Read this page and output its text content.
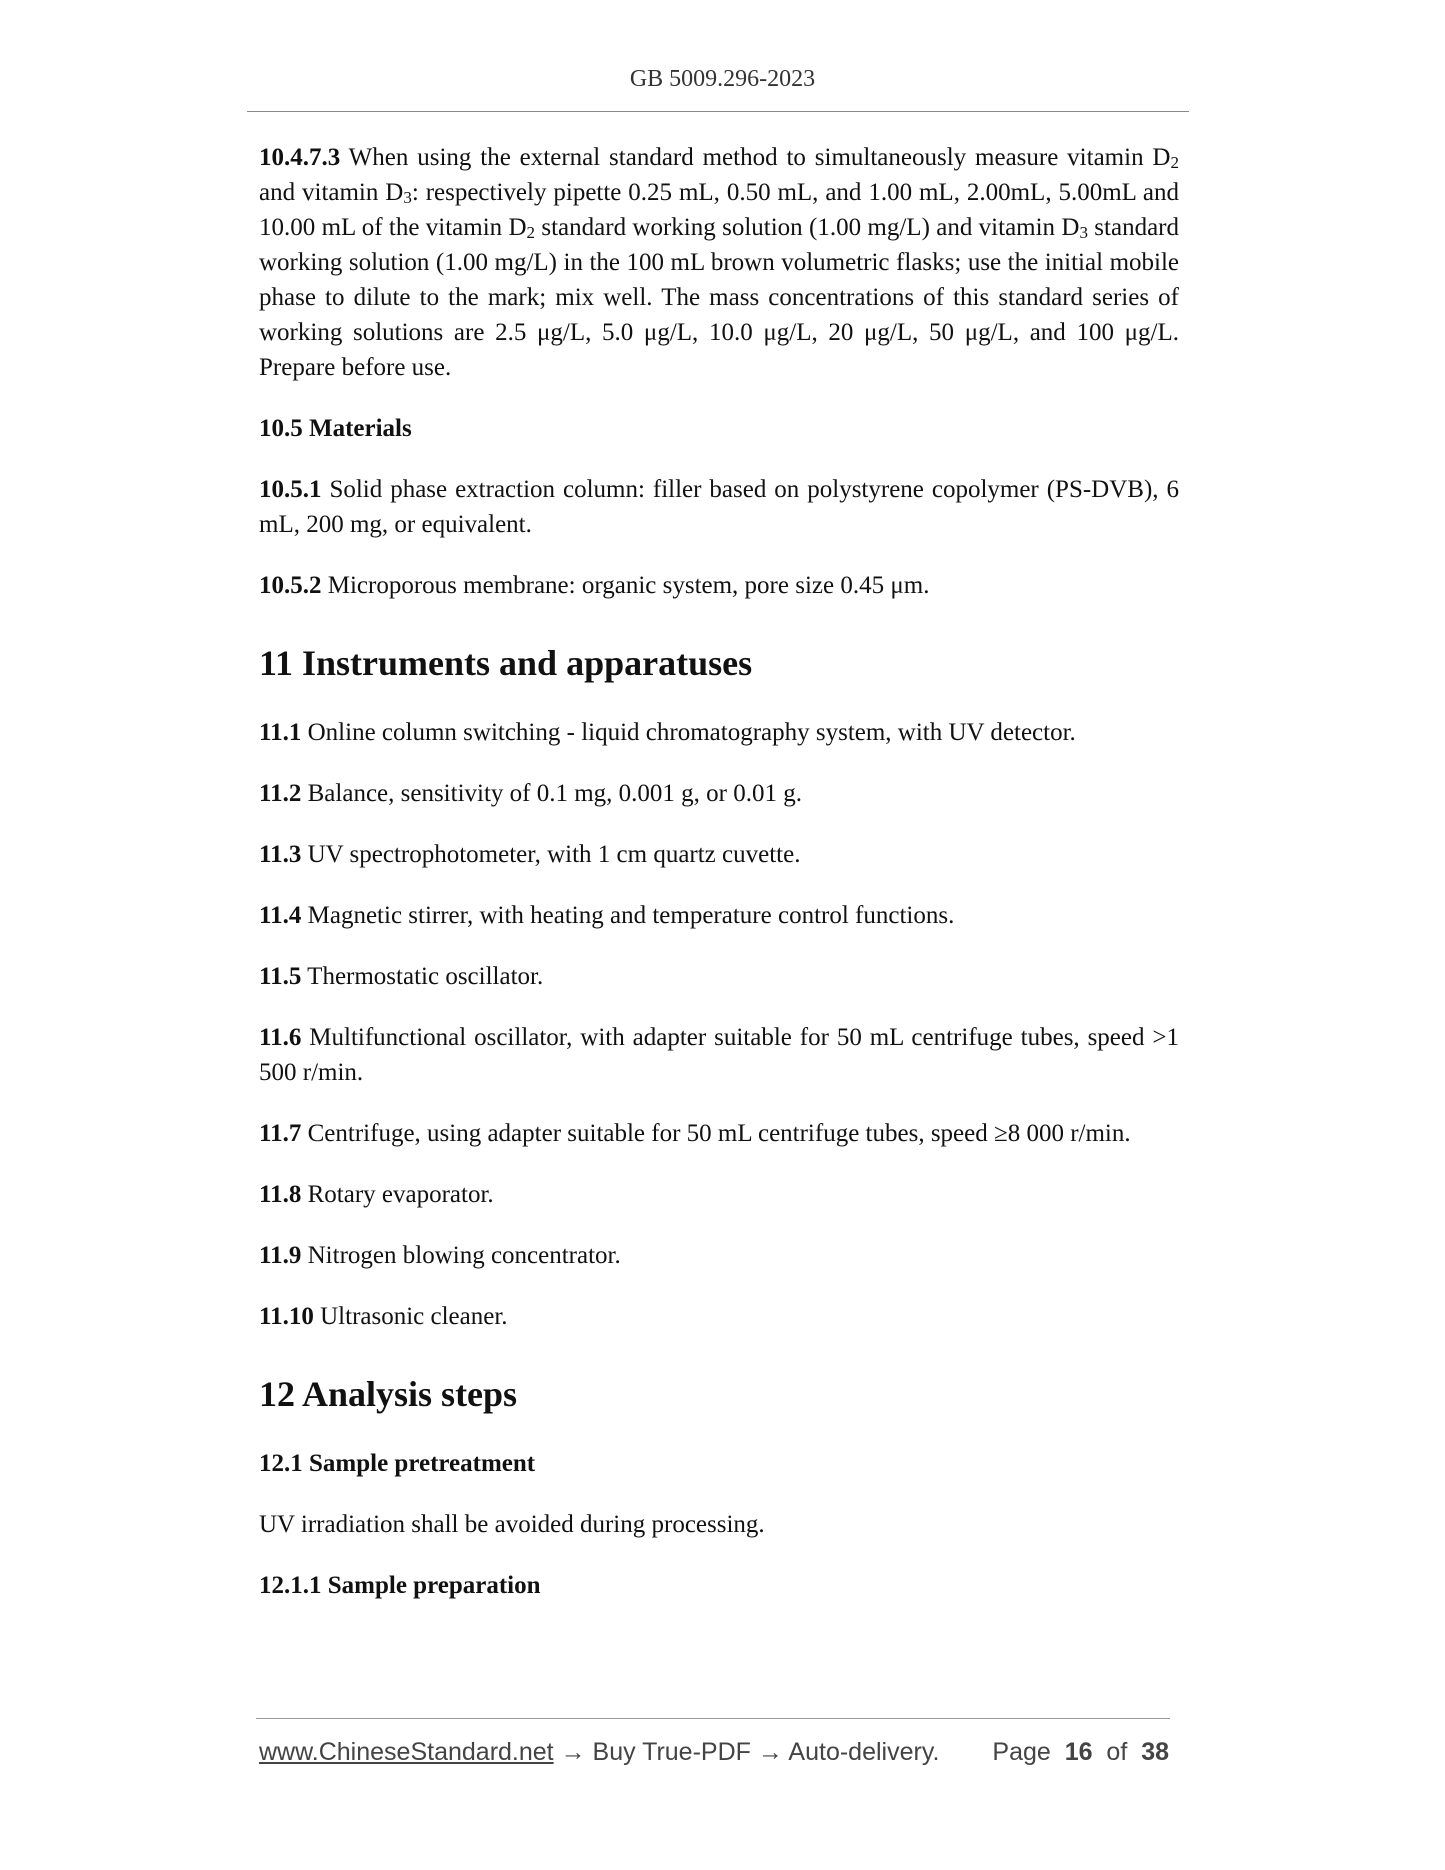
GB 5009.296-2023

10.4.7.3 When using the external standard method to simultaneously measure vitamin $D_2$ and vitamin $D_3$: respectively pipette 0.25 mL, 0.50 mL, and 1.00 mL, 2.00mL, 5.00mL and 10.00 mL of the vitamin $D_2$ standard working solution (1.00 mg/L) and vitamin $D_3$ standard working solution (1.00 mg/L) in the 100 mL brown volumetric flasks; use the initial mobile phase to dilute to the mark; mix well. The mass concentrations of this standard series of working solutions are 2.5 μg/L, 5.0 μg/L, 10.0 μg/L, 20 μg/L, 50 μg/L, and 100 μg/L. Prepare before use.

10.5 Materials

10.5.1 Solid phase extraction column: filler based on polystyrene copolymer (PS-DVB), 6 mL, 200 mg, or equivalent.

10.5.2 Microporous membrane: organic system, pore size 0.45 μm.

11 Instruments and apparatuses

11.1 Online column switching - liquid chromatography system, with UV detector.

11.2 Balance, sensitivity of 0.1 mg, 0.001 g, or 0.01 g.

11.3 UV spectrophotometer, with 1 cm quartz cuvette.

11.4 Magnetic stirrer, with heating and temperature control functions.

11.5 Thermostatic oscillator.

11.6 Multifunctional oscillator, with adapter suitable for 50 mL centrifuge tubes, speed >1 500 r/min.

11.7 Centrifuge, using adapter suitable for 50 mL centrifuge tubes, speed ≥8 000 r/min.

11.8 Rotary evaporator.

11.9 Nitrogen blowing concentrator.

11.10 Ultrasonic cleaner.

12 Analysis steps
12.1 Sample pretreatment

UV irradiation shall be avoided during processing.

12.1.1 Sample preparation
www.ChineseStandard.net → Buy True-PDF → Auto-delivery. Page 16 of 38
